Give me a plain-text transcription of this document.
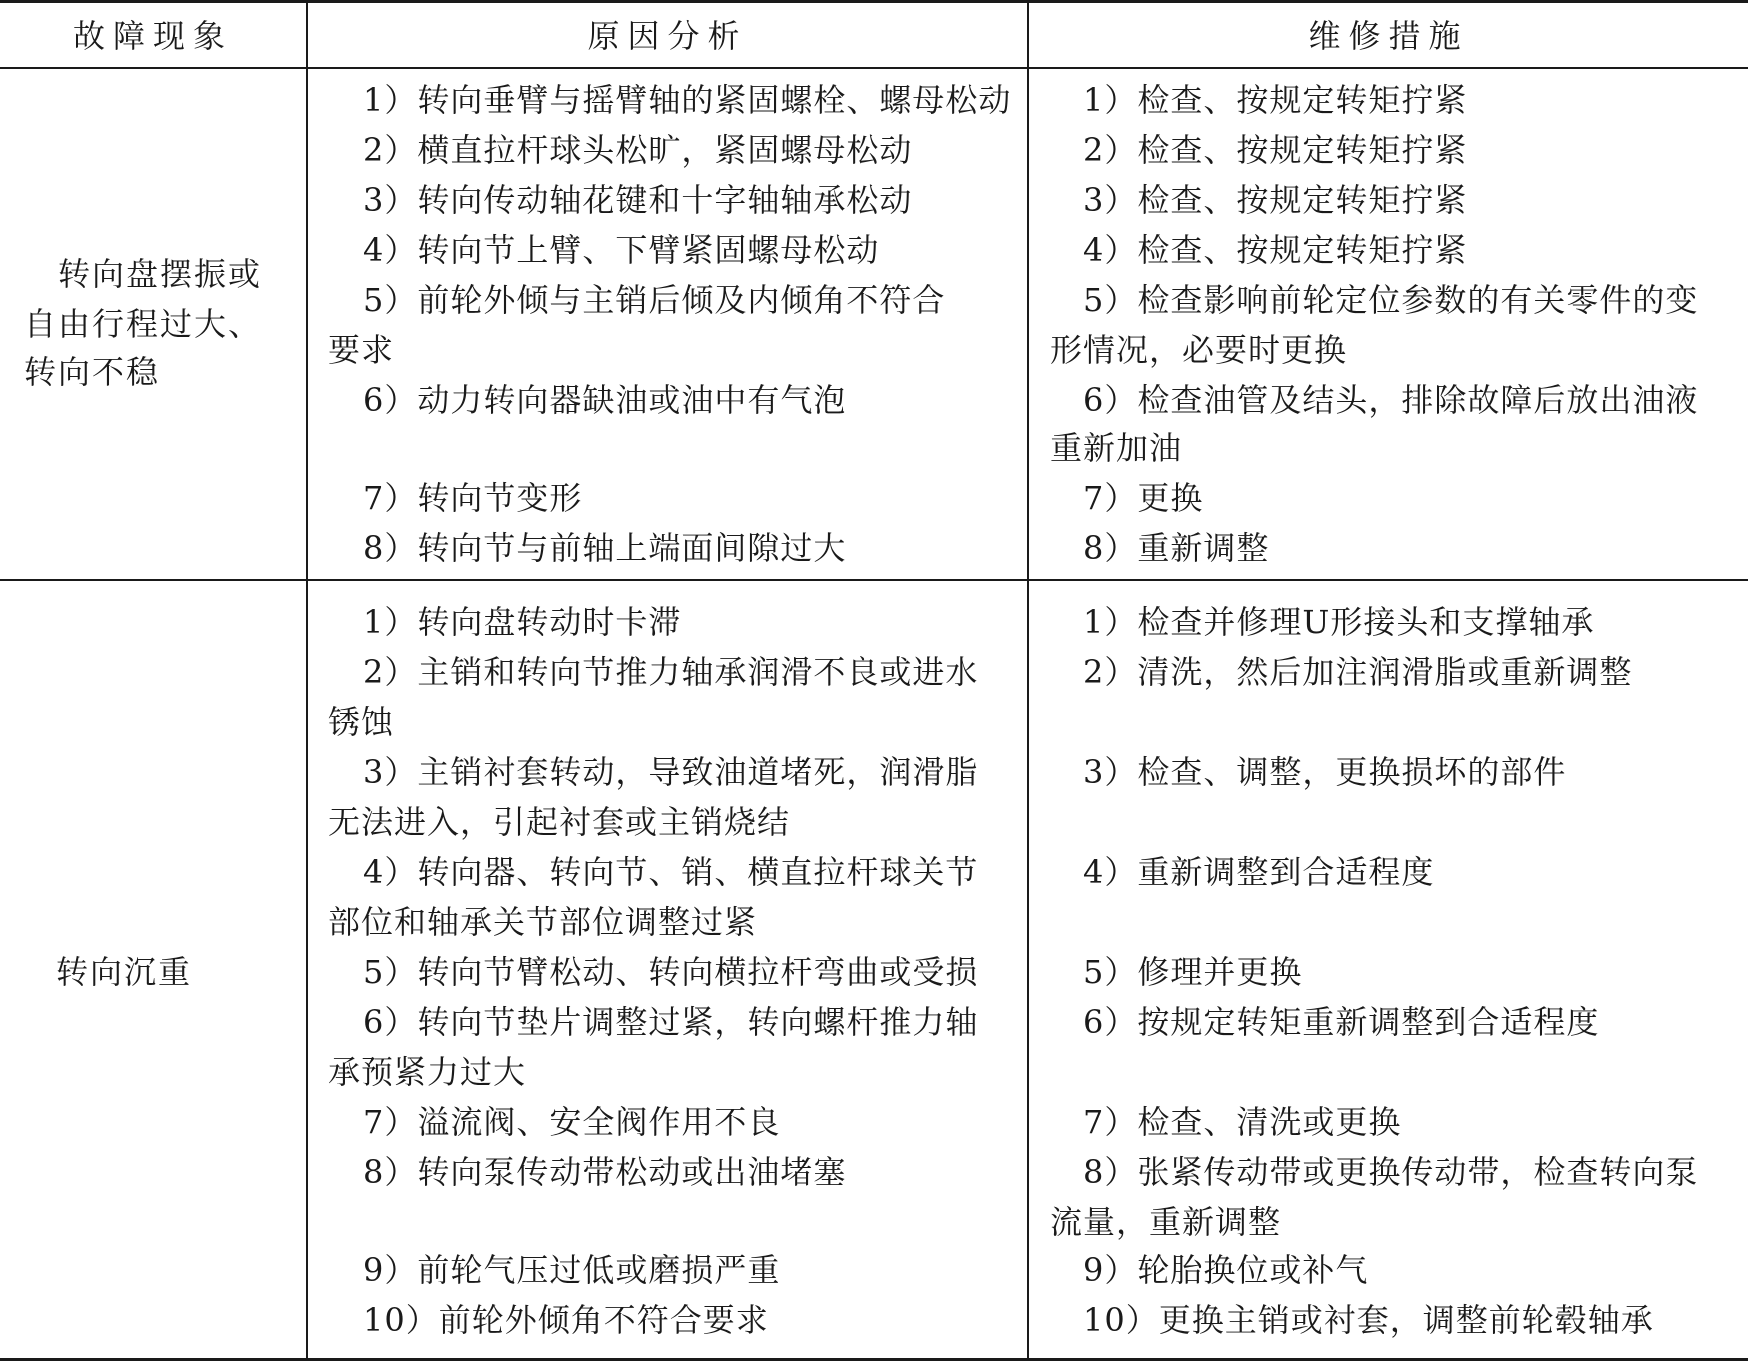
故障现象	原因分析	维修措施
转向盘摆振或
自由行程过大、
转向不稳
1）转向垂臂与摇臂轴的紧固螺栓、螺母松动
2）横直拉杆球头松旷，紧固螺母松动
3）转向传动轴花键和十字轴轴承松动
4）转向节上臂、下臂紧固螺母松动
5）前轮外倾与主销后倾及内倾角不符合
要求
6）动力转向器缺油或油中有气泡
7）转向节变形
8）转向节与前轴上端面间隙过大
1）检查、按规定转矩拧紧
2）检查、按规定转矩拧紧
3）检查、按规定转矩拧紧
4）检查、按规定转矩拧紧
5）检查影响前轮定位参数的有关零件的变
形情况，必要时更换
6）检查油管及结头，排除故障后放出油液
重新加油
7）更换
8）重新调整
转向沉重
1）转向盘转动时卡滞
2）主销和转向节推力轴承润滑不良或进水
锈蚀
3）主销衬套转动，导致油道堵死，润滑脂
无法进入，引起衬套或主销烧结
4）转向器、转向节、销、横直拉杆球关节
部位和轴承关节部位调整过紧
5）转向节臂松动、转向横拉杆弯曲或受损
6）转向节垫片调整过紧，转向螺杆推力轴
承预紧力过大
7）溢流阀、安全阀作用不良
8）转向泵传动带松动或出油堵塞
9）前轮气压过低或磨损严重
10）前轮外倾角不符合要求
1）检查并修理U形接头和支撑轴承
2）清洗，然后加注润滑脂或重新调整
3）检查、调整，更换损坏的部件
4）重新调整到合适程度
5）修理并更换
6）按规定转矩重新调整到合适程度
7）检查、清洗或更换
8）张紧传动带或更换传动带，检查转向泵
流量，重新调整
9）轮胎换位或补气
10）更换主销或衬套，调整前轮毂轴承
